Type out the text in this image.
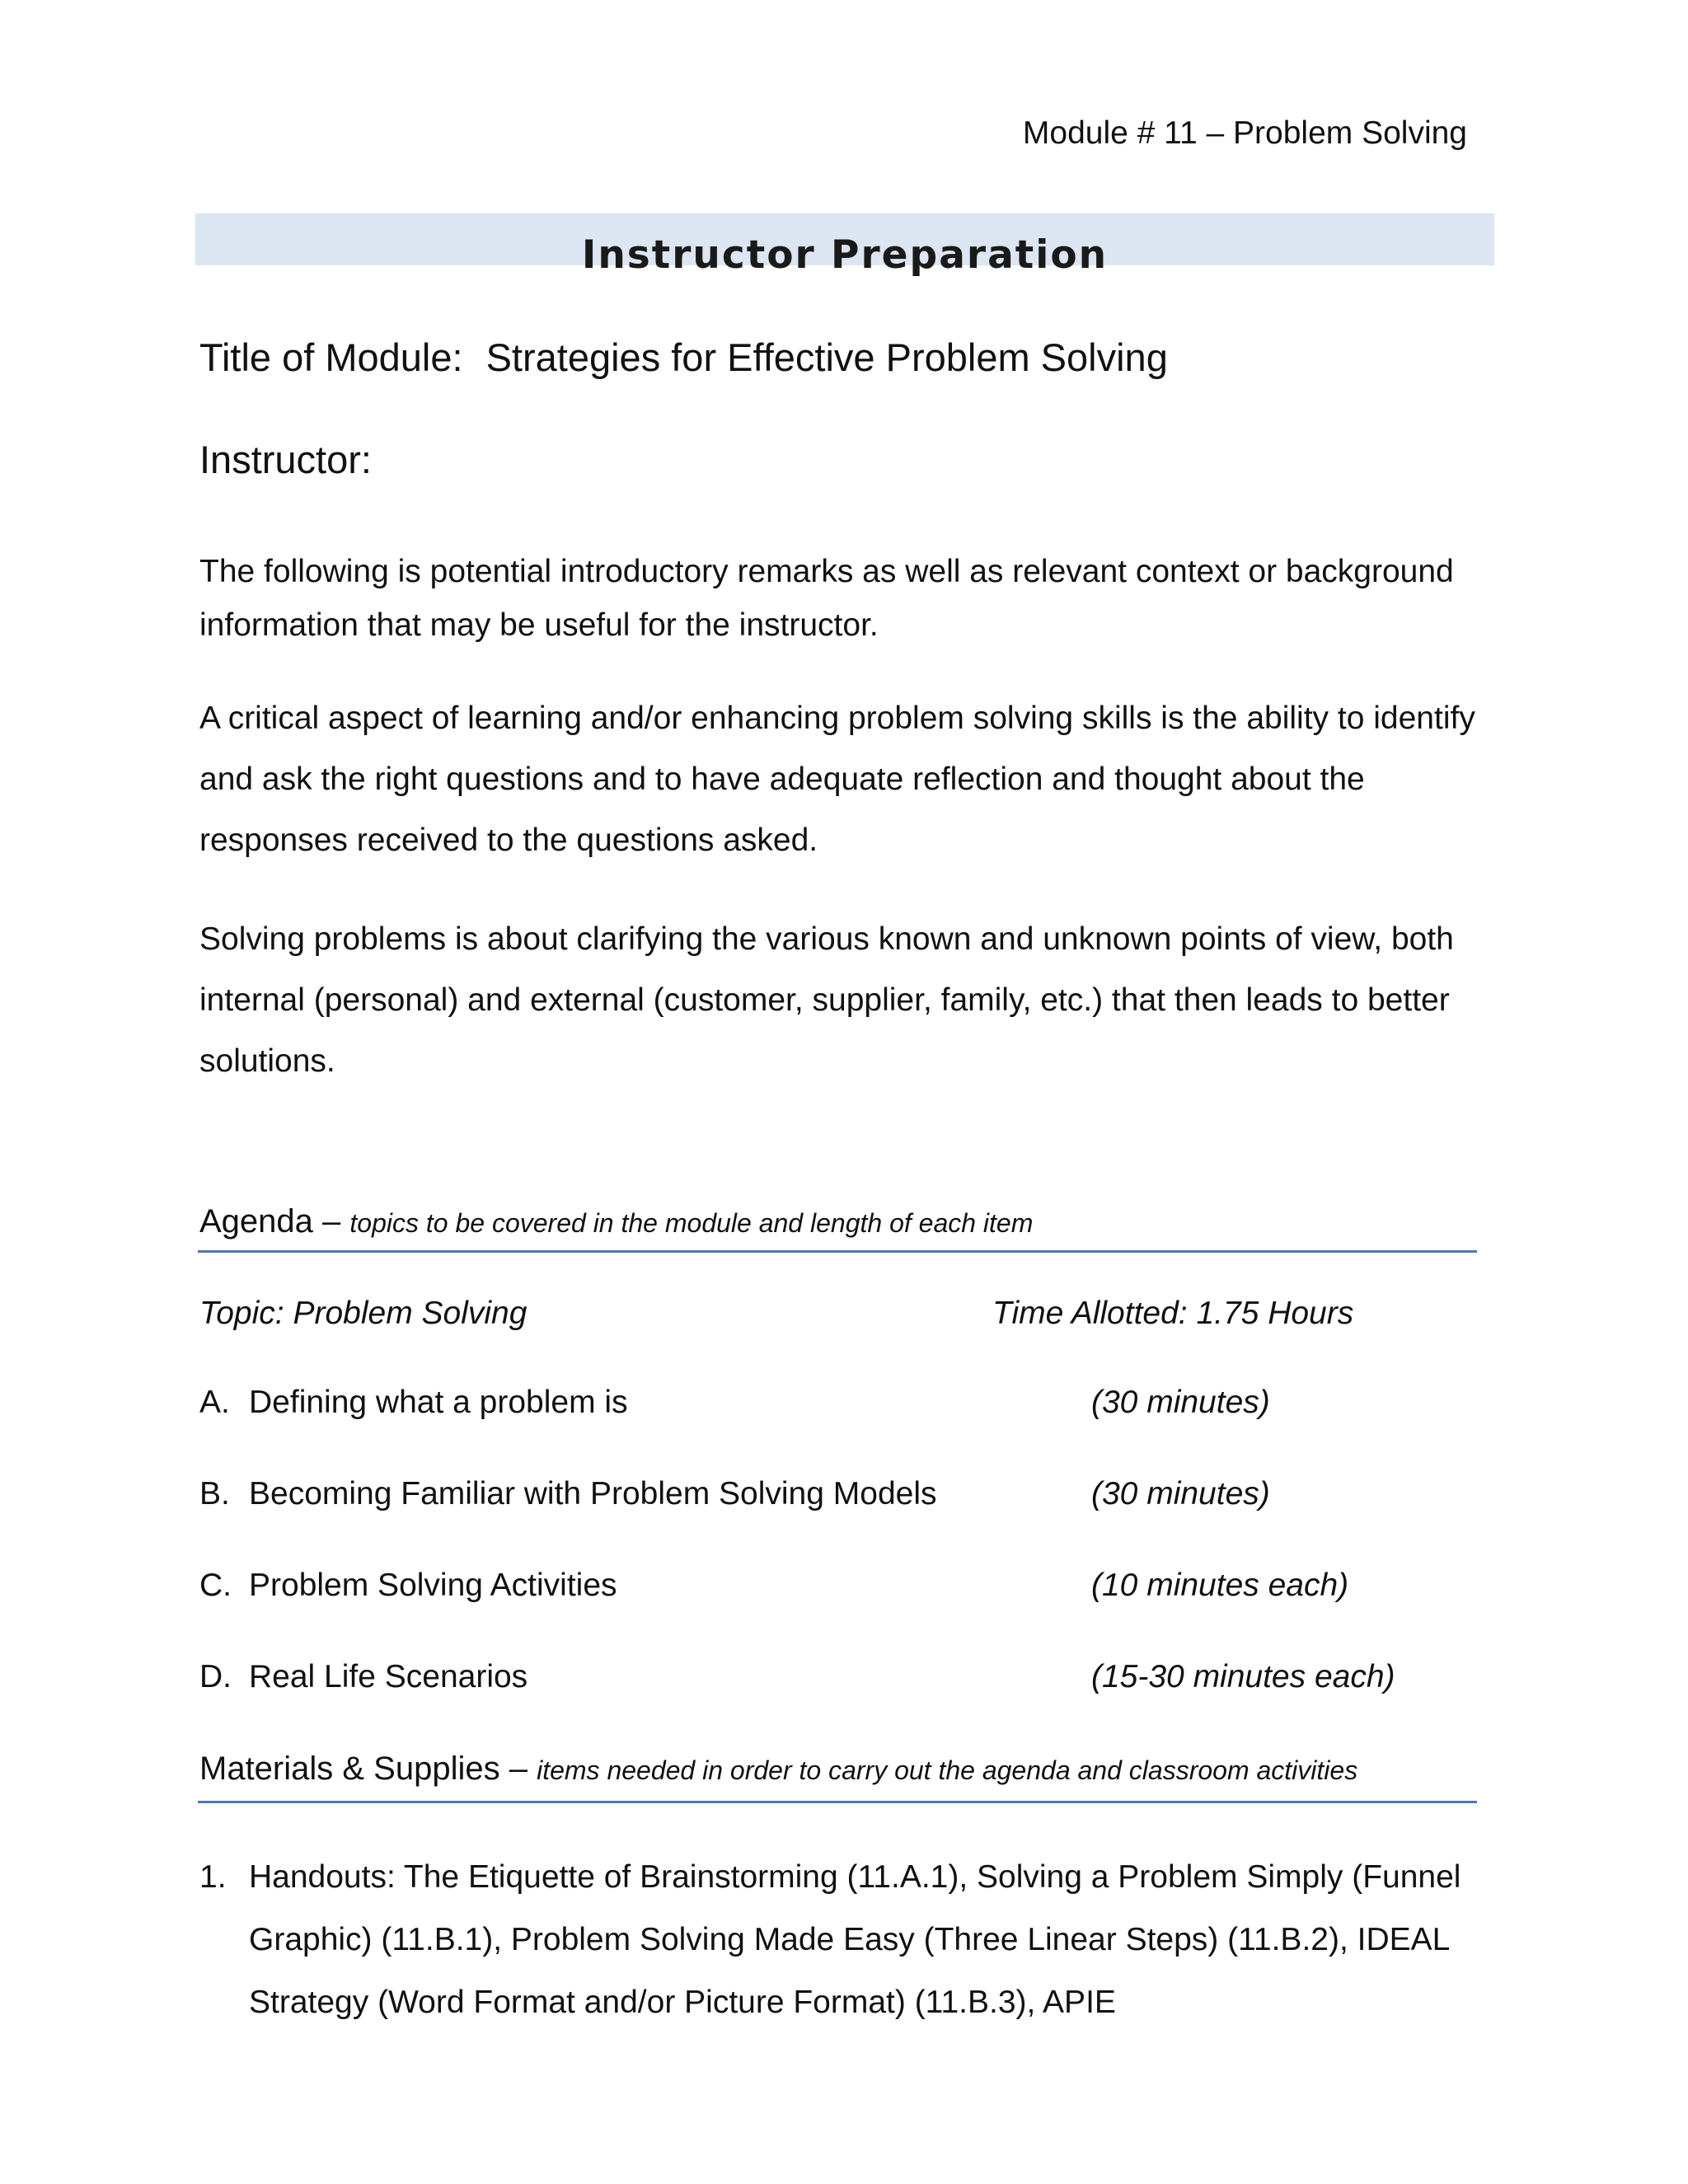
Module # 11 – Problem Solving
Instructor Preparation
Title of Module: Strategies for Effective Problem Solving
Instructor:
The following is potential introductory remarks as well as relevant context or background information that may be useful for the instructor.
A critical aspect of learning and/or enhancing problem solving skills is the ability to identify and ask the right questions and to have adequate reflection and thought about the responses received to the questions asked.
Solving problems is about clarifying the various known and unknown points of view, both internal (personal) and external (customer, supplier, family, etc.) that then leads to better solutions.
Agenda – topics to be covered in the module and length of each item
Topic: Problem Solving	Time Allotted: 1.75 Hours
A. Defining what a problem is	(30 minutes)
B. Becoming Familiar with Problem Solving Models	(30 minutes)
C. Problem Solving Activities	(10 minutes each)
D. Real Life Scenarios	(15-30 minutes each)
Materials & Supplies – items needed in order to carry out the agenda and classroom activities
1. Handouts: The Etiquette of Brainstorming (11.A.1), Solving a Problem Simply (Funnel Graphic) (11.B.1), Problem Solving Made Easy (Three Linear Steps) (11.B.2), IDEAL Strategy (Word Format and/or Picture Format) (11.B.3), APIE
